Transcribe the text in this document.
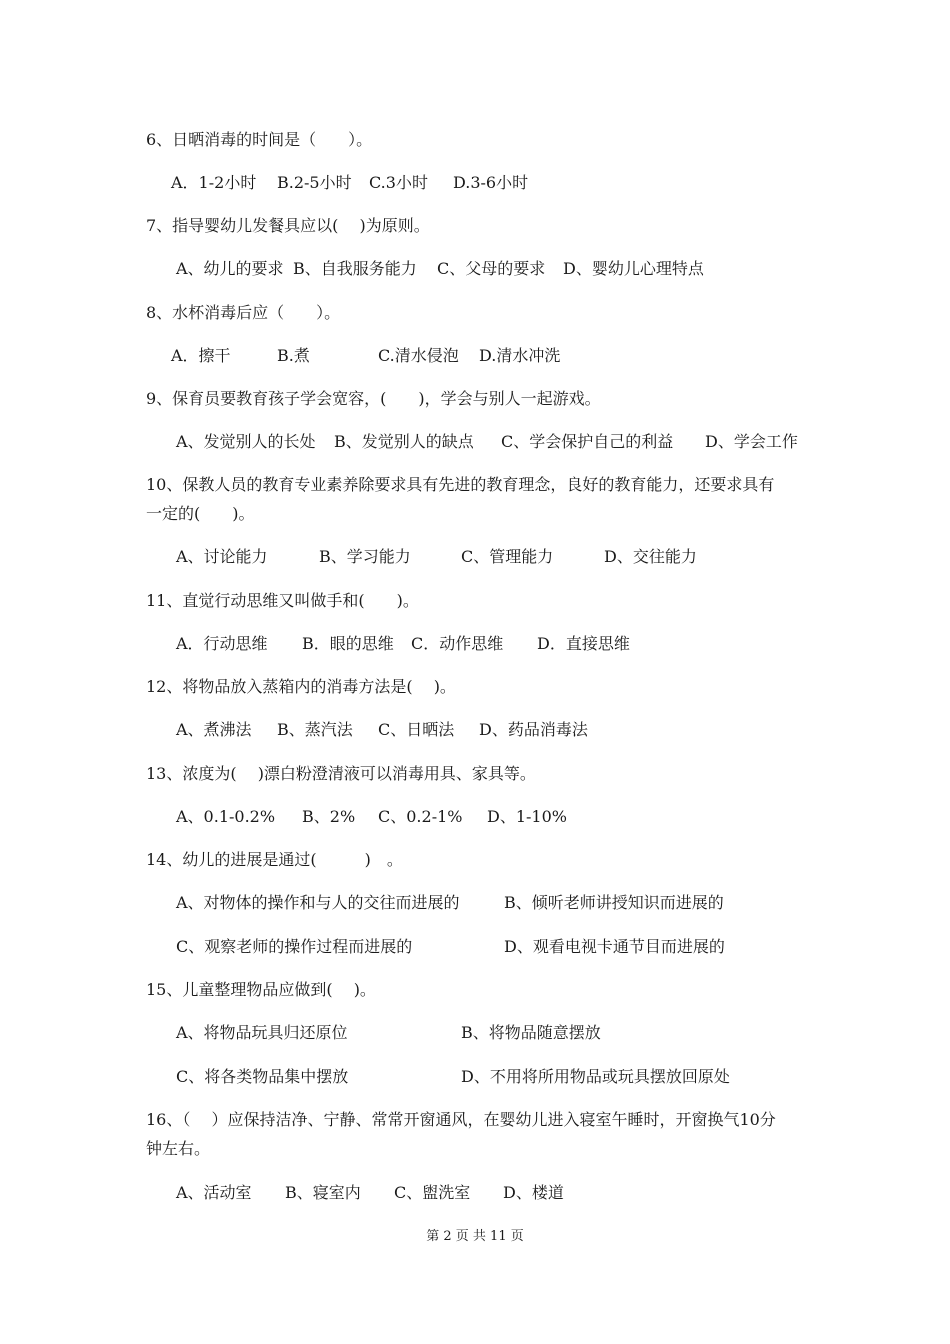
6、日晒消毒的时间是（　　）。
A．1-2小时 B.2-5小时 C.3小时 D.3-6小时
7、指导婴幼儿发餐具应以(　 )为原则。
A、幼儿的要求 B、自我服务能力 C、父母的要求 D、婴幼儿心理特点
8、水杯消毒后应（　　）。
A．擦干	B.煮	C.清水侵泡 D.清水冲洗
9、保育员要教育孩子学会宽容，(　　)，学会与别人一起游戏。
A、发觉别人的长处 B、发觉别人的缺点 C、学会保护自己的利益 D、学会工作
10、保教人员的教育专业素养除要求具有先进的教育理念，良好的教育能力，还要求具有
一定的(　　)。
A、讨论能力	B、学习能力	C、管理能力	D、交往能力
11、直觉行动思维又叫做手和(　　)。
A．行动思维 B．眼的思维 C．动作思维 D．直接思维
12、将物品放入蒸箱内的消毒方法是(　 )。
A、煮沸法 B、蒸汽法 C、日晒法 D、药品消毒法
13、浓度为(　 )漂白粉澄清液可以消毒用具、家具等。
A、0.1-0.2% B、2% C、0.2-1% D、1-10%
14、幼儿的进展是通过(　　　)　。
A、对物体的操作和与人的交往而进展的	B、倾听老师讲授知识而进展的
C、观察老师的操作过程而进展的	D、观看电视卡通节目而进展的
15、儿童整理物品应做到(　 )。
A、将物品玩具归还原位	B、将物品随意摆放
C、将各类物品集中摆放	D、不用将所用物品或玩具摆放回原处
16、（　 ）应保持洁净、宁静、常常开窗通风，在婴幼儿进入寝室午睡时，开窗换气10分
钟左右。
A、活动室 B、寝室内 C、盥洗室 D、楼道
第 2 页 共 11 页
